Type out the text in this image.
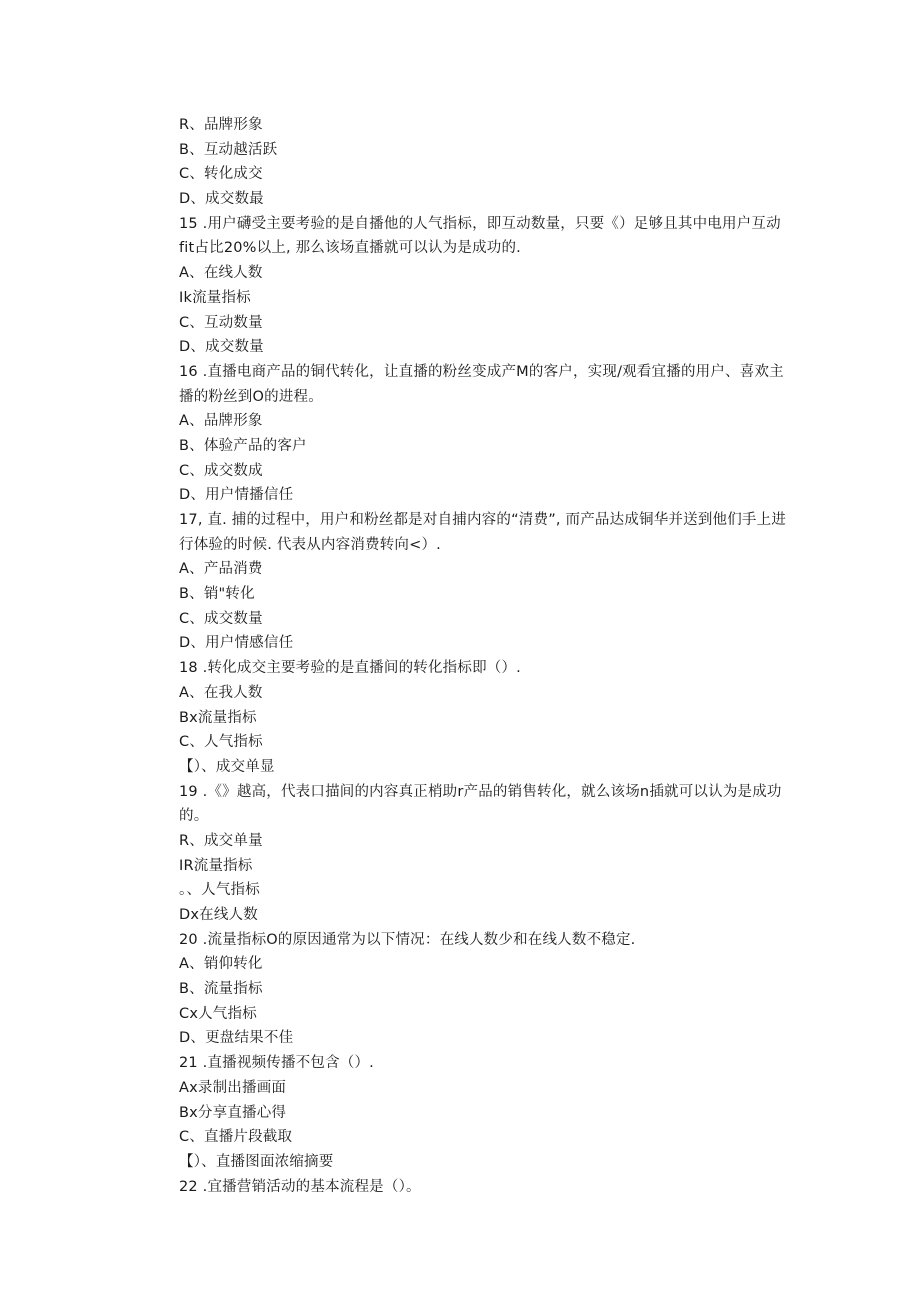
R、品牌形象
B、互动越活跃
C、转化成交
D、成交数最
15 .用户礴受主要考验的是自播他的人气指标，即互动数量，只要《）足够且其中电用户互动
fit占比20%以上, 那么该场直播就可以认为是成功的.
A、在线人数
Ik流量指标
C、互动数量
D、成交数量
16 .直播电商产品的铜代转化，让直播的粉丝变成产M的客户，实现/观看宜播的用户、喜欢主
播的粉丝到O的进程。
A、品牌形象
B、体验产品的客户
C、成交数成
D、用户情播信任
17, 直. 捕的过程中，用户和粉丝都是对自捕内容的“清费”, 而产品达成铜华并送到他们手上进
行体验的时候. 代表从内容消费转向<）.
A、产品消费
B、销"转化
C、成交数量
D、用户情感信任
18 .转化成交主要考验的是直播间的转化指标即（）.
A、在我人数
Bx流量指标
C、人气指标
【）、成交单显
19 .《》越高，代表口描间的内容真正梢助r产品的销售转化，就么该场n插就可以认为是成功
的。
R、成交单量
IR流量指标
。、人气指标
Dx在线人数
20 .流量指标O的原因通常为以下情况：在线人数少和在线人数不稳定.
A、销仰转化
B、流量指标
Cx人气指标
D、更盘结果不佳
21 .直播视频传播不包含（）.
Ax录制出播画面
Bx分享直播心得
C、直播片段截取
【）、直播图面浓缩摘要
22 .宜播营销活动的基本流程是（）。
